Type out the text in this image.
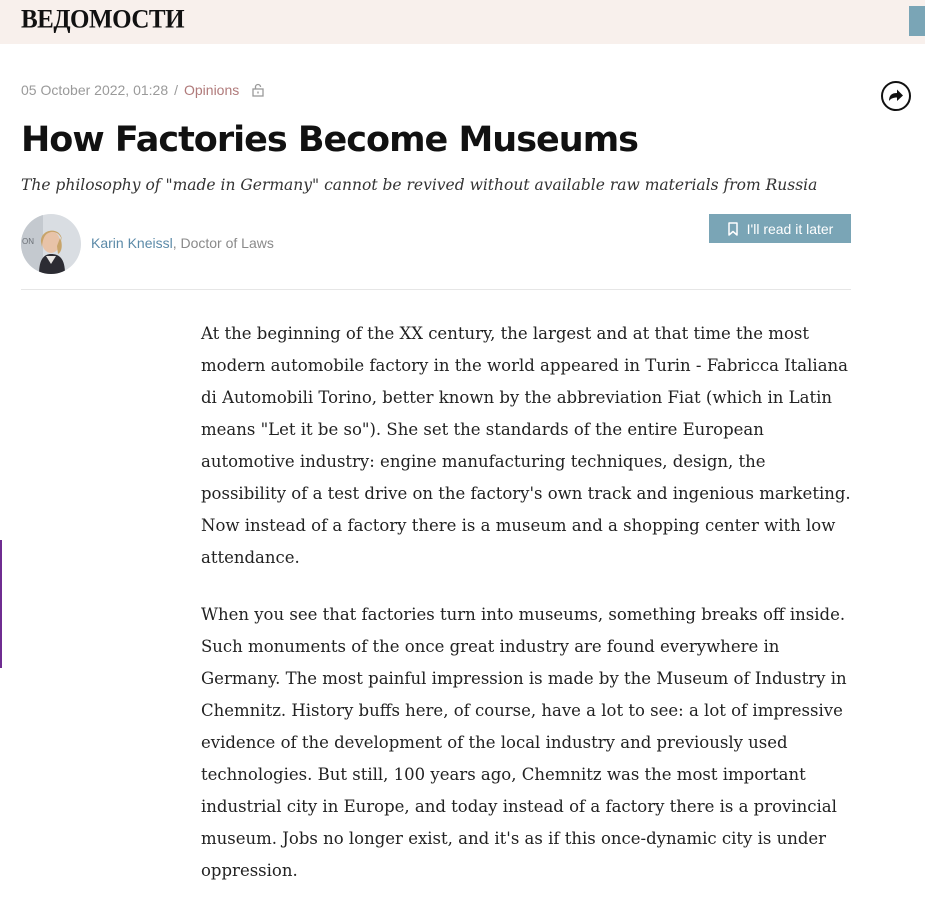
ВЕДОМОСТИ
05 October 2022, 01:28 / Opinions
How Factories Become Museums
The philosophy of "made in Germany" cannot be revived without available raw materials from Russia
ON	Karin Kneissl, Doctor of Laws
I'll read it later

At the beginning of the XX century, the largest and at that time the most modern automobile factory in the world appeared in Turin - Fabricca Italiana di Automobili Torino, better known by the abbreviation Fiat (which in Latin means "Let it be so"). She set the standards of the entire European automotive industry: engine manufacturing techniques, design, the possibility of a test drive on the factory's own track and ingenious marketing. Now instead of a factory there is a museum and a shopping center with low attendance.

When you see that factories turn into museums, something breaks off inside. Such monuments of the once great industry are found everywhere in Germany. The most painful impression is made by the Museum of Industry in Chemnitz. History buffs here, of course, have a lot to see: a lot of impressive evidence of the development of the local industry and previously used technologies. But still, 100 years ago, Chemnitz was the most important industrial city in Europe, and today instead of a factory there is a provincial museum. Jobs no longer exist, and it's as if this once-dynamic city is under oppression.
